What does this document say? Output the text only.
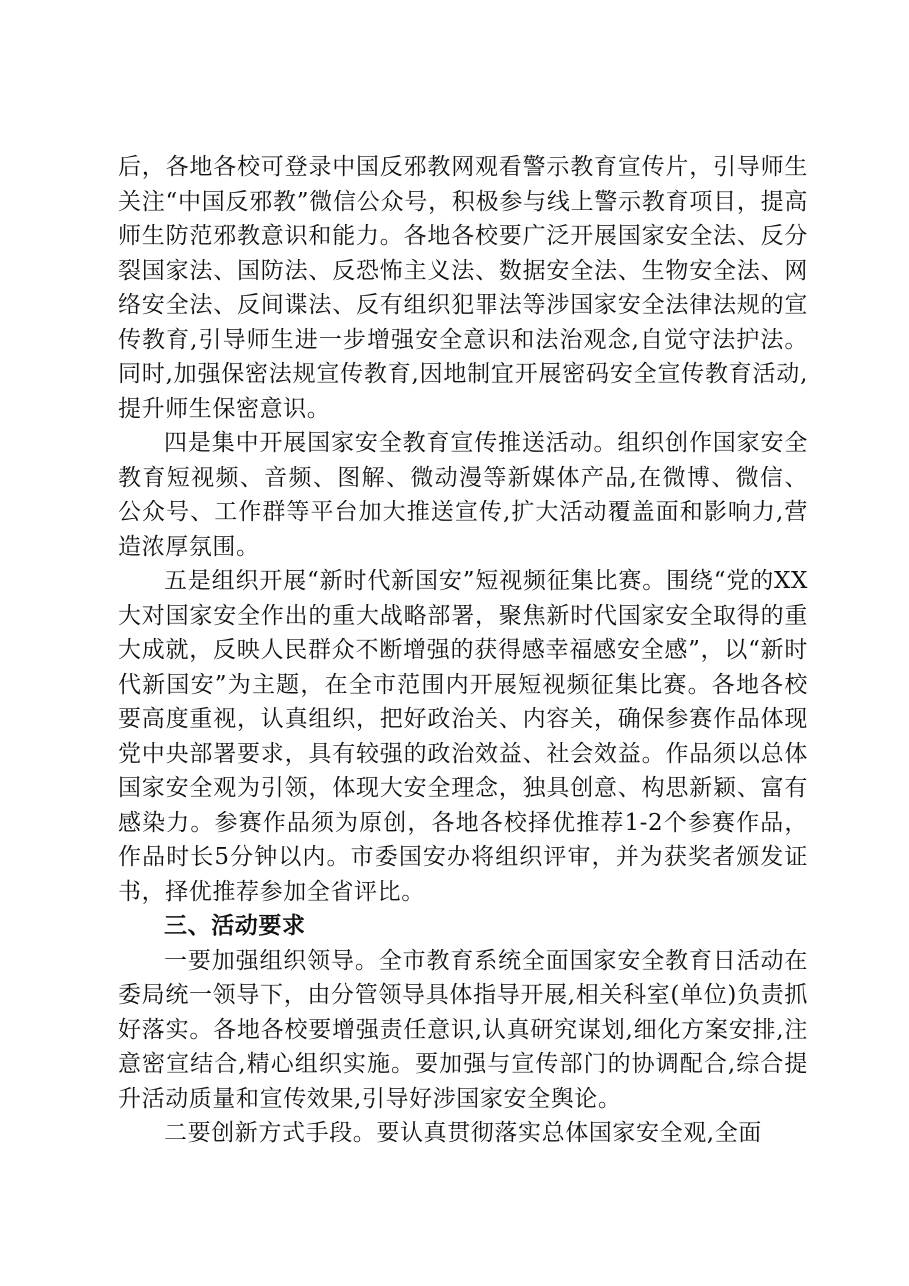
后，各地各校可登录中国反邪教网观看警示教育宣传片，引导师生关注“中国反邪教”微信公众号，积极参与线上警示教育项目，提高师生防范邪教意识和能力。各地各校要广泛开展国家安全法、反分裂国家法、国防法、反恐怖主义法、数据安全法、生物安全法、网络安全法、反间谍法、反有组织犯罪法等涉国家安全法律法规的宣传教育,引导师生进一步增强安全意识和法治观念,自觉守法护法。同时,加强保密法规宣传教育,因地制宜开展密码安全宣传教育活动,提升师生保密意识。

四是集中开展国家安全教育宣传推送活动。组织创作国家安全教育短视频、音频、图解、微动漫等新媒体产品,在微博、微信、公众号、工作群等平台加大推送宣传,扩大活动覆盖面和影响力,营造浓厚氛围。

五是组织开展“新时代新国安”短视频征集比赛。围绕“党的XX大对国家安全作出的重大战略部署，聚焦新时代国家安全取得的重大成就，反映人民群众不断增强的获得感幸福感安全感”，以“新时代新国安”为主题，在全市范围内开展短视频征集比赛。各地各校要高度重视，认真组织，把好政治关、内容关，确保参赛作品体现党中央部署要求，具有较强的政治效益、社会效益。作品须以总体国家安全观为引领，体现大安全理念，独具创意、构思新颖、富有感染力。参赛作品须为原创，各地各校择优推荐1-2个参赛作品，作品时长5分钟以内。市委国安办将组织评审，并为获奖者颁发证书，择优推荐参加全省评比。

三、活动要求

一要加强组织领导。全市教育系统全面国家安全教育日活动在委局统一领导下，由分管领导具体指导开展,相关科室(单位)负责抓好落实。各地各校要增强责任意识,认真研究谋划,细化方案安排,注意密宣结合,精心组织实施。要加强与宣传部门的协调配合,综合提升活动质量和宣传效果,引导好涉国家安全舆论。

二要创新方式手段。要认真贯彻落实总体国家安全观,全面
